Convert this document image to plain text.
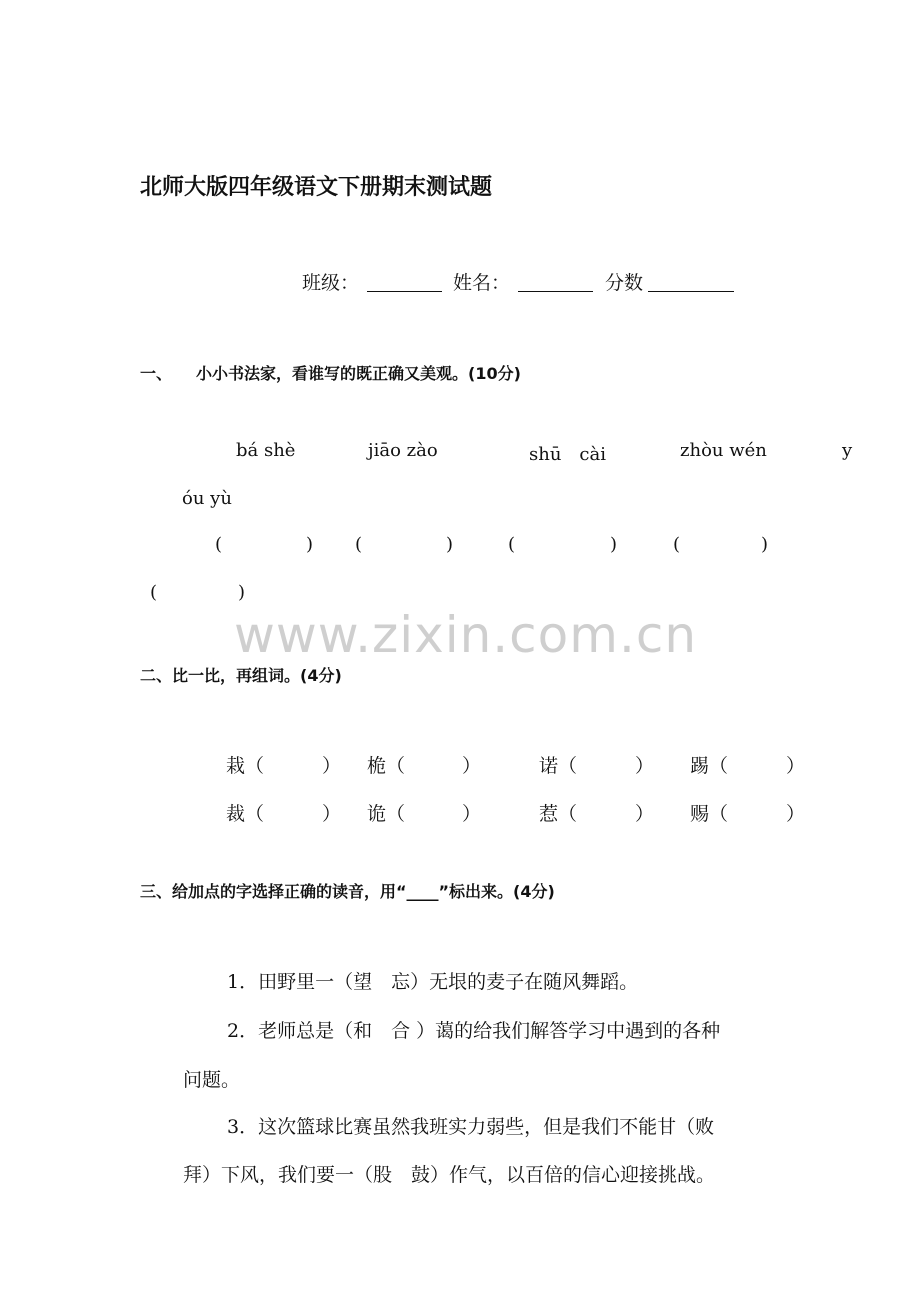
北师大版四年级语文下册期末测试题
班级：	姓名：	分数
一、 小小书法家，看谁写的既正确又美观。(10分)
bá shè	jiāo zào	shū　cài	zhòu wén	y
óu yù
(	) (	)	(	)	(	)
(	)
www.zixin.com.cn
二、比一比，再组词。(4分)
栽（	） 桅（	）	诺（	） 踢（	）
裁（	） 诡（	）	惹（	） 赐（	）
三、给加点的字选择正确的读音，用“____”标出来。(4分)
1．田野里一（望　忘）无垠的麦子在随风舞蹈。
2．老师总是（和　合 ）蔼的给我们解答学习中遇到的各种
问题。
3．这次篮球比赛虽然我班实力弱些，但是我们不能甘（败
拜）下风，我们要一（股　鼓）作气，以百倍的信心迎接挑战。
